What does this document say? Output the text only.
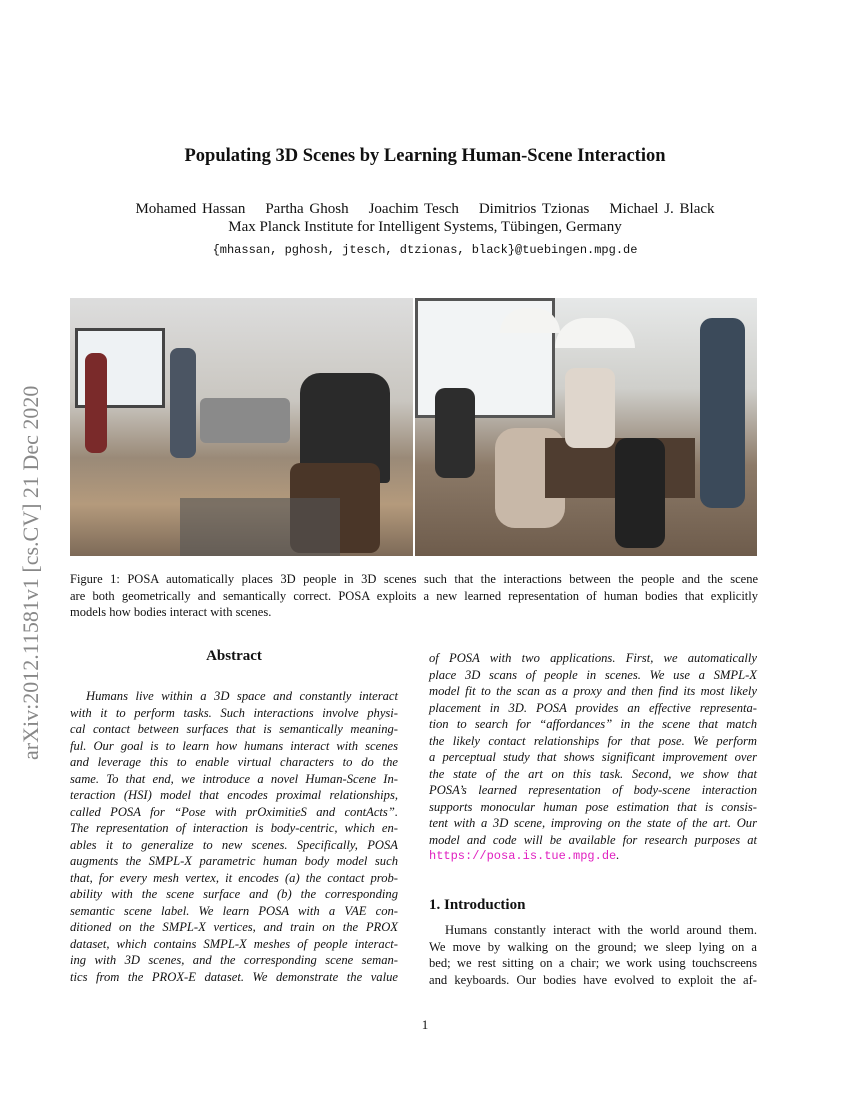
arXiv:2012.11581v1 [cs.CV] 21 Dec 2020
Populating 3D Scenes by Learning Human-Scene Interaction
Mohamed Hassan Partha Ghosh Joachim Tesch Dimitrios Tzionas Michael J. Black
Max Planck Institute for Intelligent Systems, Tübingen, Germany
{mhassan, pghosh, jtesch, dtzionas, black}@tuebingen.mpg.de
Figure 1: POSA automatically places 3D people in 3D scenes such that the interactions between the people and the scene
are both geometrically and semantically correct. POSA exploits a new learned representation of human bodies that explicitly
models how bodies interact with scenes.
Abstract
Humans live within a 3D space and constantly interact
with it to perform tasks. Such interactions involve physi-
cal contact between surfaces that is semantically meaning-
ful. Our goal is to learn how humans interact with scenes
and leverage this to enable virtual characters to do the
same. To that end, we introduce a novel Human-Scene In-
teraction (HSI) model that encodes proximal relationships,
called POSA for “Pose with prOximitieS and contActs”.
The representation of interaction is body-centric, which en-
ables it to generalize to new scenes. Specifically, POSA
augments the SMPL-X parametric human body model such
that, for every mesh vertex, it encodes (a) the contact prob-
ability with the scene surface and (b) the corresponding
semantic scene label. We learn POSA with a VAE con-
ditioned on the SMPL-X vertices, and train on the PROX
dataset, which contains SMPL-X meshes of people interact-
ing with 3D scenes, and the corresponding scene seman-
tics from the PROX-E dataset. We demonstrate the value
of POSA with two applications. First, we automatically
place 3D scans of people in scenes. We use a SMPL-X
model fit to the scan as a proxy and then find its most likely
placement in 3D. POSA provides an effective representa-
tion to search for “affordances” in the scene that match
the likely contact relationships for that pose. We perform
a perceptual study that shows significant improvement over
the state of the art on this task. Second, we show that
POSA’s learned representation of body-scene interaction
supports monocular human pose estimation that is consis-
tent with a 3D scene, improving on the state of the art. Our
model and code will be available for research purposes at
https://posa.is.tue.mpg.de.
1. Introduction
Humans constantly interact with the world around them.
We move by walking on the ground; we sleep lying on a
bed; we rest sitting on a chair; we work using touchscreens
and keyboards. Our bodies have evolved to exploit the af-
1
